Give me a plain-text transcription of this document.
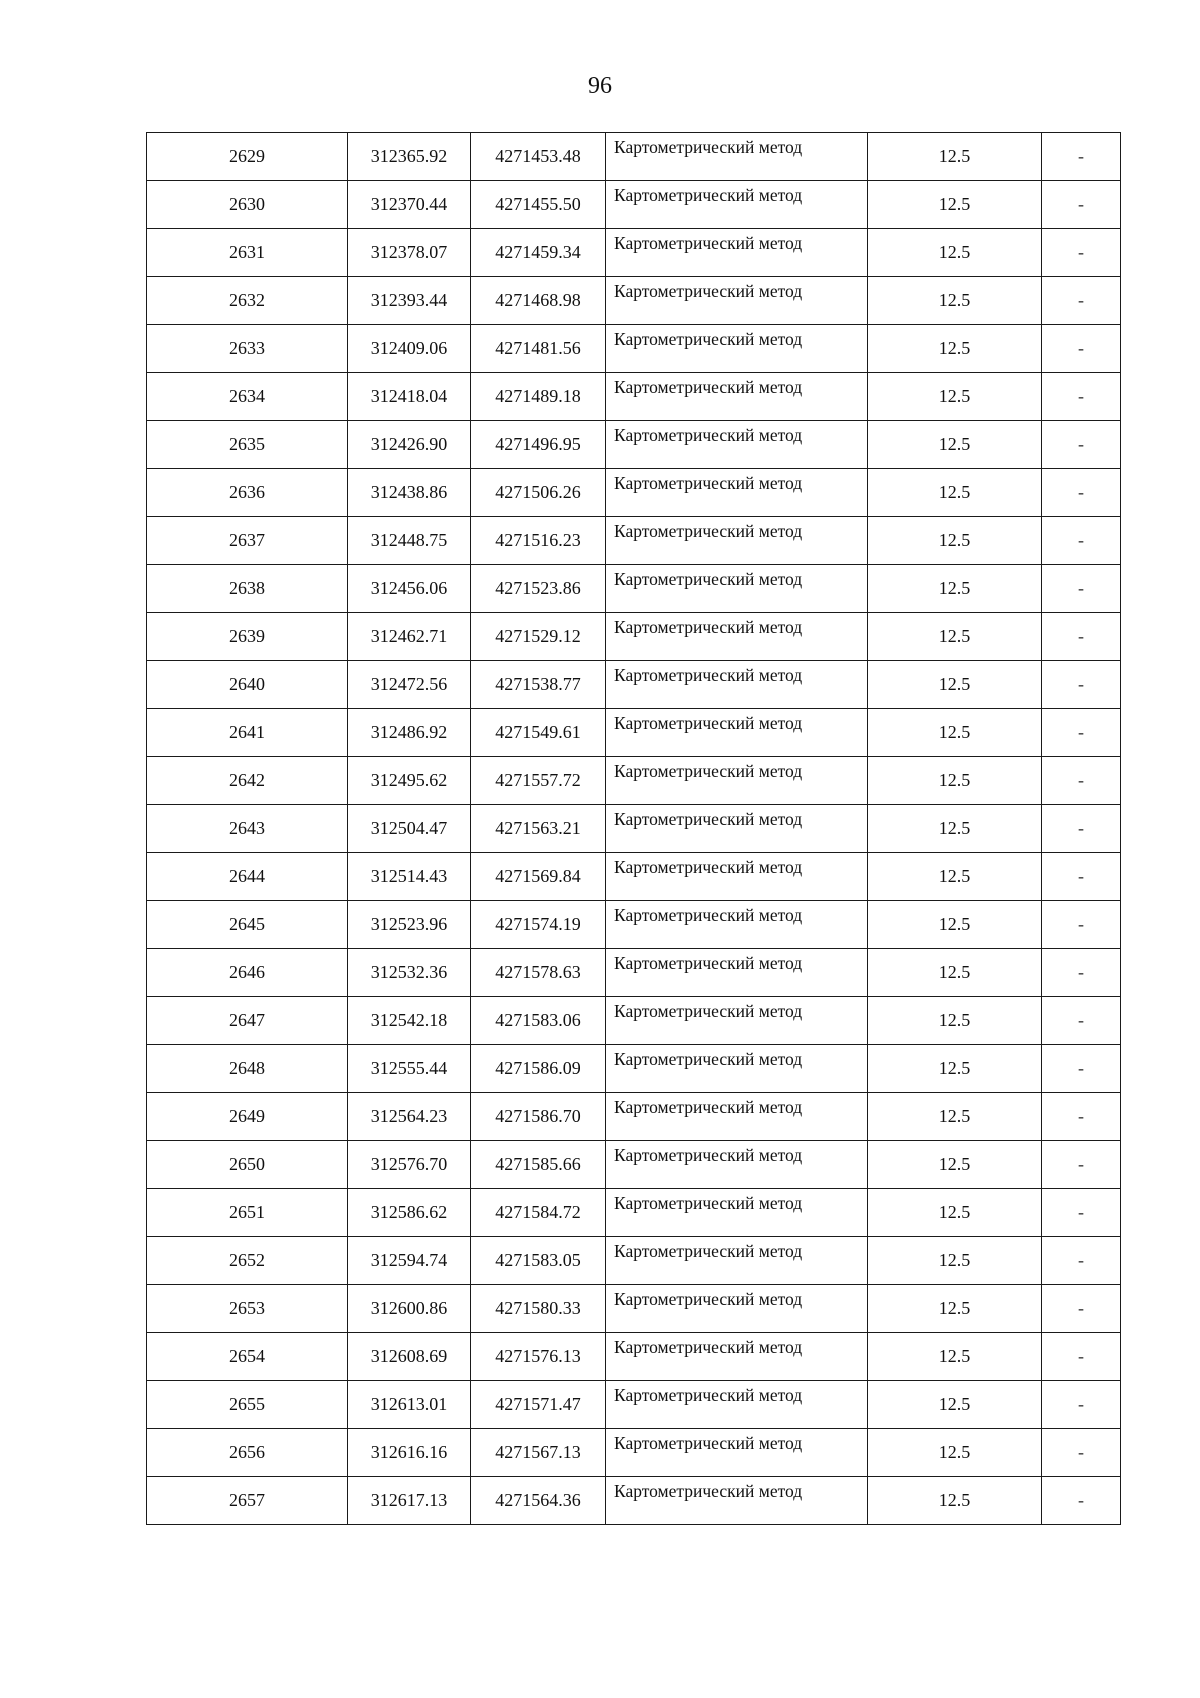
96
2629	312365.92	4271453.48	Картометрический метод	12.5	-
2630	312370.44	4271455.50	Картометрический метод	12.5	-
2631	312378.07	4271459.34	Картометрический метод	12.5	-
2632	312393.44	4271468.98	Картометрический метод	12.5	-
2633	312409.06	4271481.56	Картометрический метод	12.5	-
2634	312418.04	4271489.18	Картометрический метод	12.5	-
2635	312426.90	4271496.95	Картометрический метод	12.5	-
2636	312438.86	4271506.26	Картометрический метод	12.5	-
2637	312448.75	4271516.23	Картометрический метод	12.5	-
2638	312456.06	4271523.86	Картометрический метод	12.5	-
2639	312462.71	4271529.12	Картометрический метод	12.5	-
2640	312472.56	4271538.77	Картометрический метод	12.5	-
2641	312486.92	4271549.61	Картометрический метод	12.5	-
2642	312495.62	4271557.72	Картометрический метод	12.5	-
2643	312504.47	4271563.21	Картометрический метод	12.5	-
2644	312514.43	4271569.84	Картометрический метод	12.5	-
2645	312523.96	4271574.19	Картометрический метод	12.5	-
2646	312532.36	4271578.63	Картометрический метод	12.5	-
2647	312542.18	4271583.06	Картометрический метод	12.5	-
2648	312555.44	4271586.09	Картометрический метод	12.5	-
2649	312564.23	4271586.70	Картометрический метод	12.5	-
2650	312576.70	4271585.66	Картометрический метод	12.5	-
2651	312586.62	4271584.72	Картометрический метод	12.5	-
2652	312594.74	4271583.05	Картометрический метод	12.5	-
2653	312600.86	4271580.33	Картометрический метод	12.5	-
2654	312608.69	4271576.13	Картометрический метод	12.5	-
2655	312613.01	4271571.47	Картометрический метод	12.5	-
2656	312616.16	4271567.13	Картометрический метод	12.5	-
2657	312617.13	4271564.36	Картометрический метод	12.5	-
